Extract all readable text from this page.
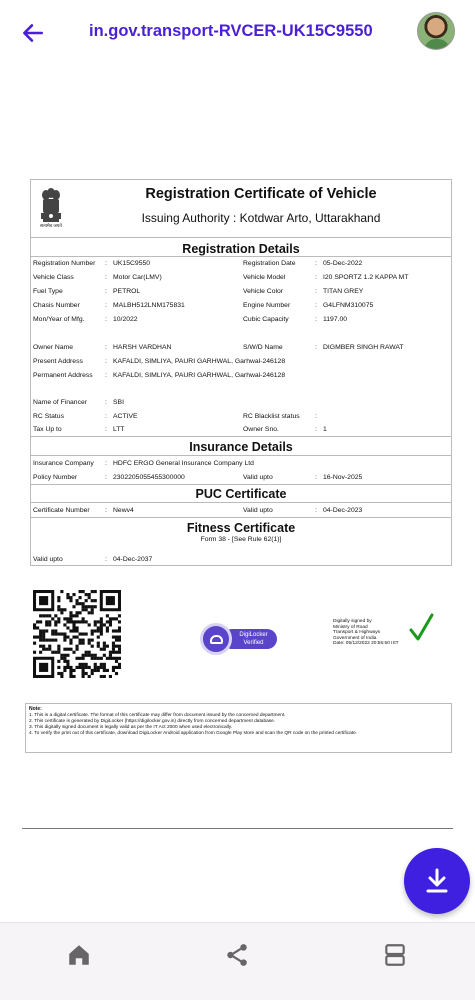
in.gov.transport-RVCER-UK15C9550
सत्यमेव जयते
Registration Certificate of Vehicle
Issuing Authority : Kotdwar Arto, Uttarakhand
Registration Details
Registration Number : UK15C9550	Registration Date	: 05-Dec-2022
Vehicle Class	: Motor Car(LMV)	Vehicle Model	: I20 SPORTZ 1.2 KAPPA MT
Fuel Type	: PETROL	Vehicle Color	: TITAN GREY
Chasis Number	: MALBH512LNM175831	Engine Number	: G4LFNM310075
Mon/Year of Mfg.	: 10/2022	Cubic Capacity	: 1197.00
Owner Name	: HARSH VARDHAN	S/W/D Name	: DIGMBER SINGH RAWAT
Present Address	: KAFALDI, SIMLIYA, PAURI GARHWAL, Garhwal-246128
Permanent Address : KAFALDI, SIMLIYA, PAURI GARHWAL, Garhwal-246128
Name of Financer	: SBI
RC Status	: ACTIVE	RC Blacklist status :
Tax Up to	: LTT	Owner Sno.	: 1
Insurance Details
Insurance Company : HDFC ERGO General Insurance Company Ltd
Policy Number	: 2302205055455300000	Valid upto	: 16-Nov-2025
PUC Certificate
Certificate Number : Newv4	Valid upto	: 04-Dec-2023
Fitness Certificate
Form 38 - [See Rule 62(1)]
Valid upto	: 04-Dec-2037
DigiLocker
Verified
Digitally signed by
Ministry of Road
Transport & Highways
Government of India
Date: 05/12/2022 20:55:50 IST
Note:
1. This is a digital certificate. The format of this certificate may differ from document issued by the concerned department.
2. This certificate is generated by DigiLocker (https://digilocker.gov.in) directly from concerned department database.
3. This digitally signed document is legally valid as per the IT Act 2000 when used electronically.
4. To verify the print out of this certificate, download DigiLocker Android application from Google Play store and scan the QR code on the printed certificate.
